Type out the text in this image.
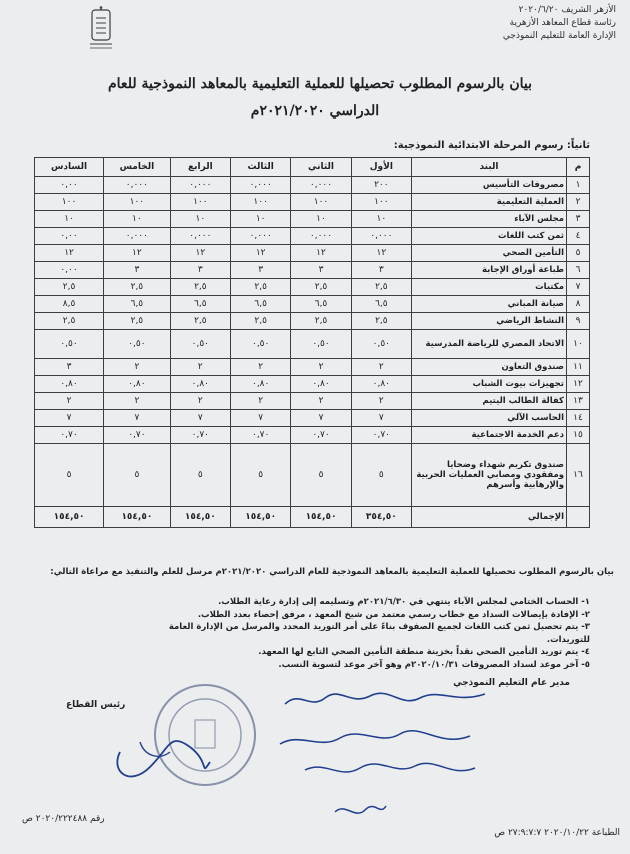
الأزهر الشريف ٢٠٢٠/٦/٢٠
رئاسة قطاع المعاهد الأزهرية
الإدارة العامة للتعليم النموذجي
بيان بالرسوم المطلوب تحصيلها للعملية التعليمية بالمعاهد النموذجية للعام
الدراسي ٢٠٢١/٢٠٢٠م
ثانياً: رسوم المرحلة الابتدائية النموذجية:
م	البند	الأول	الثاني	الثالث	الرابع	الخامس	السادس
١	مصروفات التأسيس	٢٠٠	٠,٠٠٠	٠,٠٠٠	٠,٠٠٠	٠,٠٠٠	٠,٠٠
٢	العملية التعليمية	١٠٠	١٠٠	١٠٠	١٠٠	١٠٠	١٠٠
٣	مجلس الآباء	١٠	١٠	١٠	١٠	١٠	١٠
٤	ثمن كتب اللغات	٠,٠٠٠	٠,٠٠٠	٠,٠٠٠	٠,٠٠٠	٠,٠٠٠	٠,٠٠
٥	التأمين الصحي	١٢	١٢	١٢	١٢	١٢	١٢
٦	طباعة أوراق الإجابة	٣	٣	٣	٣	٣	٠,٠٠
٧	مكتبات	٢,٥	٢,٥	٢,٥	٢,٥	٢,٥	٢,٥
٨	صيانة المباني	٦,٥	٦,٥	٦,٥	٦,٥	٦,٥	٨,٥
٩	النشاط الرياضي	٢,٥	٢,٥	٢,٥	٢,٥	٢,٥	٢,٥
١٠	الاتحاد المصري للرياضة المدرسية	٠,٥٠	٠,٥٠	٠,٥٠	٠,٥٠	٠,٥٠	٠,٥٠
١١	صندوق التعاون	٢	٢	٢	٢	٢	٣
١٢	تجهيزات بيوت الشباب	٠,٨٠	٠,٨٠	٠,٨٠	٠,٨٠	٠,٨٠	٠,٨٠
١٣	كفالة الطالب اليتيم	٢	٢	٢	٢	٢	٢
١٤	الحاسب الآلي	٧	٧	٧	٧	٧	٧
١٥	دعم الخدمة الاجتماعية	٠,٧٠	٠,٧٠	٠,٧٠	٠,٧٠	٠,٧٠	٠,٧٠
١٦	صندوق تكريم شهداء وضحايا ومفقودي ومصابي العمليات الحربية والإرهابية وأسرهم	٥	٥	٥	٥	٥	٥
	الإجمالي	٣٥٤,٥٠	١٥٤,٥٠	١٥٤,٥٠	١٥٤,٥٠	١٥٤,٥٠	١٥٤,٥٠
بيان بالرسوم المطلوب تحصيلها للعملية التعليمية بالمعاهد النموذجية للعام الدراسي ٢٠٢١/٢٠٢٠م مرسل للعلم والتنفيذ مع مراعاة التالي:
١- الحساب الختامي لمجلس الآباء ينتهي في ٢٠٢١/٦/٣٠م وتسليمه إلى إدارة رعاية الطلاب.
٢- الإفادة بإيصالات السداد مع خطاب رسمي معتمد من شيخ المعهد ، مرفق إحصاء بعدد الطلاب.
٣- يتم تحصيل ثمن كتب اللغات لجميع الصفوف بناءً على أمر التوريد المحدد والمرسل من الإدارة العامة للتوريدات.
٤- يتم توريد التأمين الصحي نقداً بخزينة منطقة التأمين الصحي التابع لها المعهد.
٥- آخر موعد لسداد المصروفات ٢٠٢٠/١٠/٣١م وهو آخر موعد لتسوية النسب.
مدير عام التعليم النموذجي
رئيس القطاع
رقم ٢٠٢٠/٢٢٢٤٨٨ ص
الطباعة ٢٠٢٠/١٠/٢٢ ٢٧:٩:٧:٧ ص
